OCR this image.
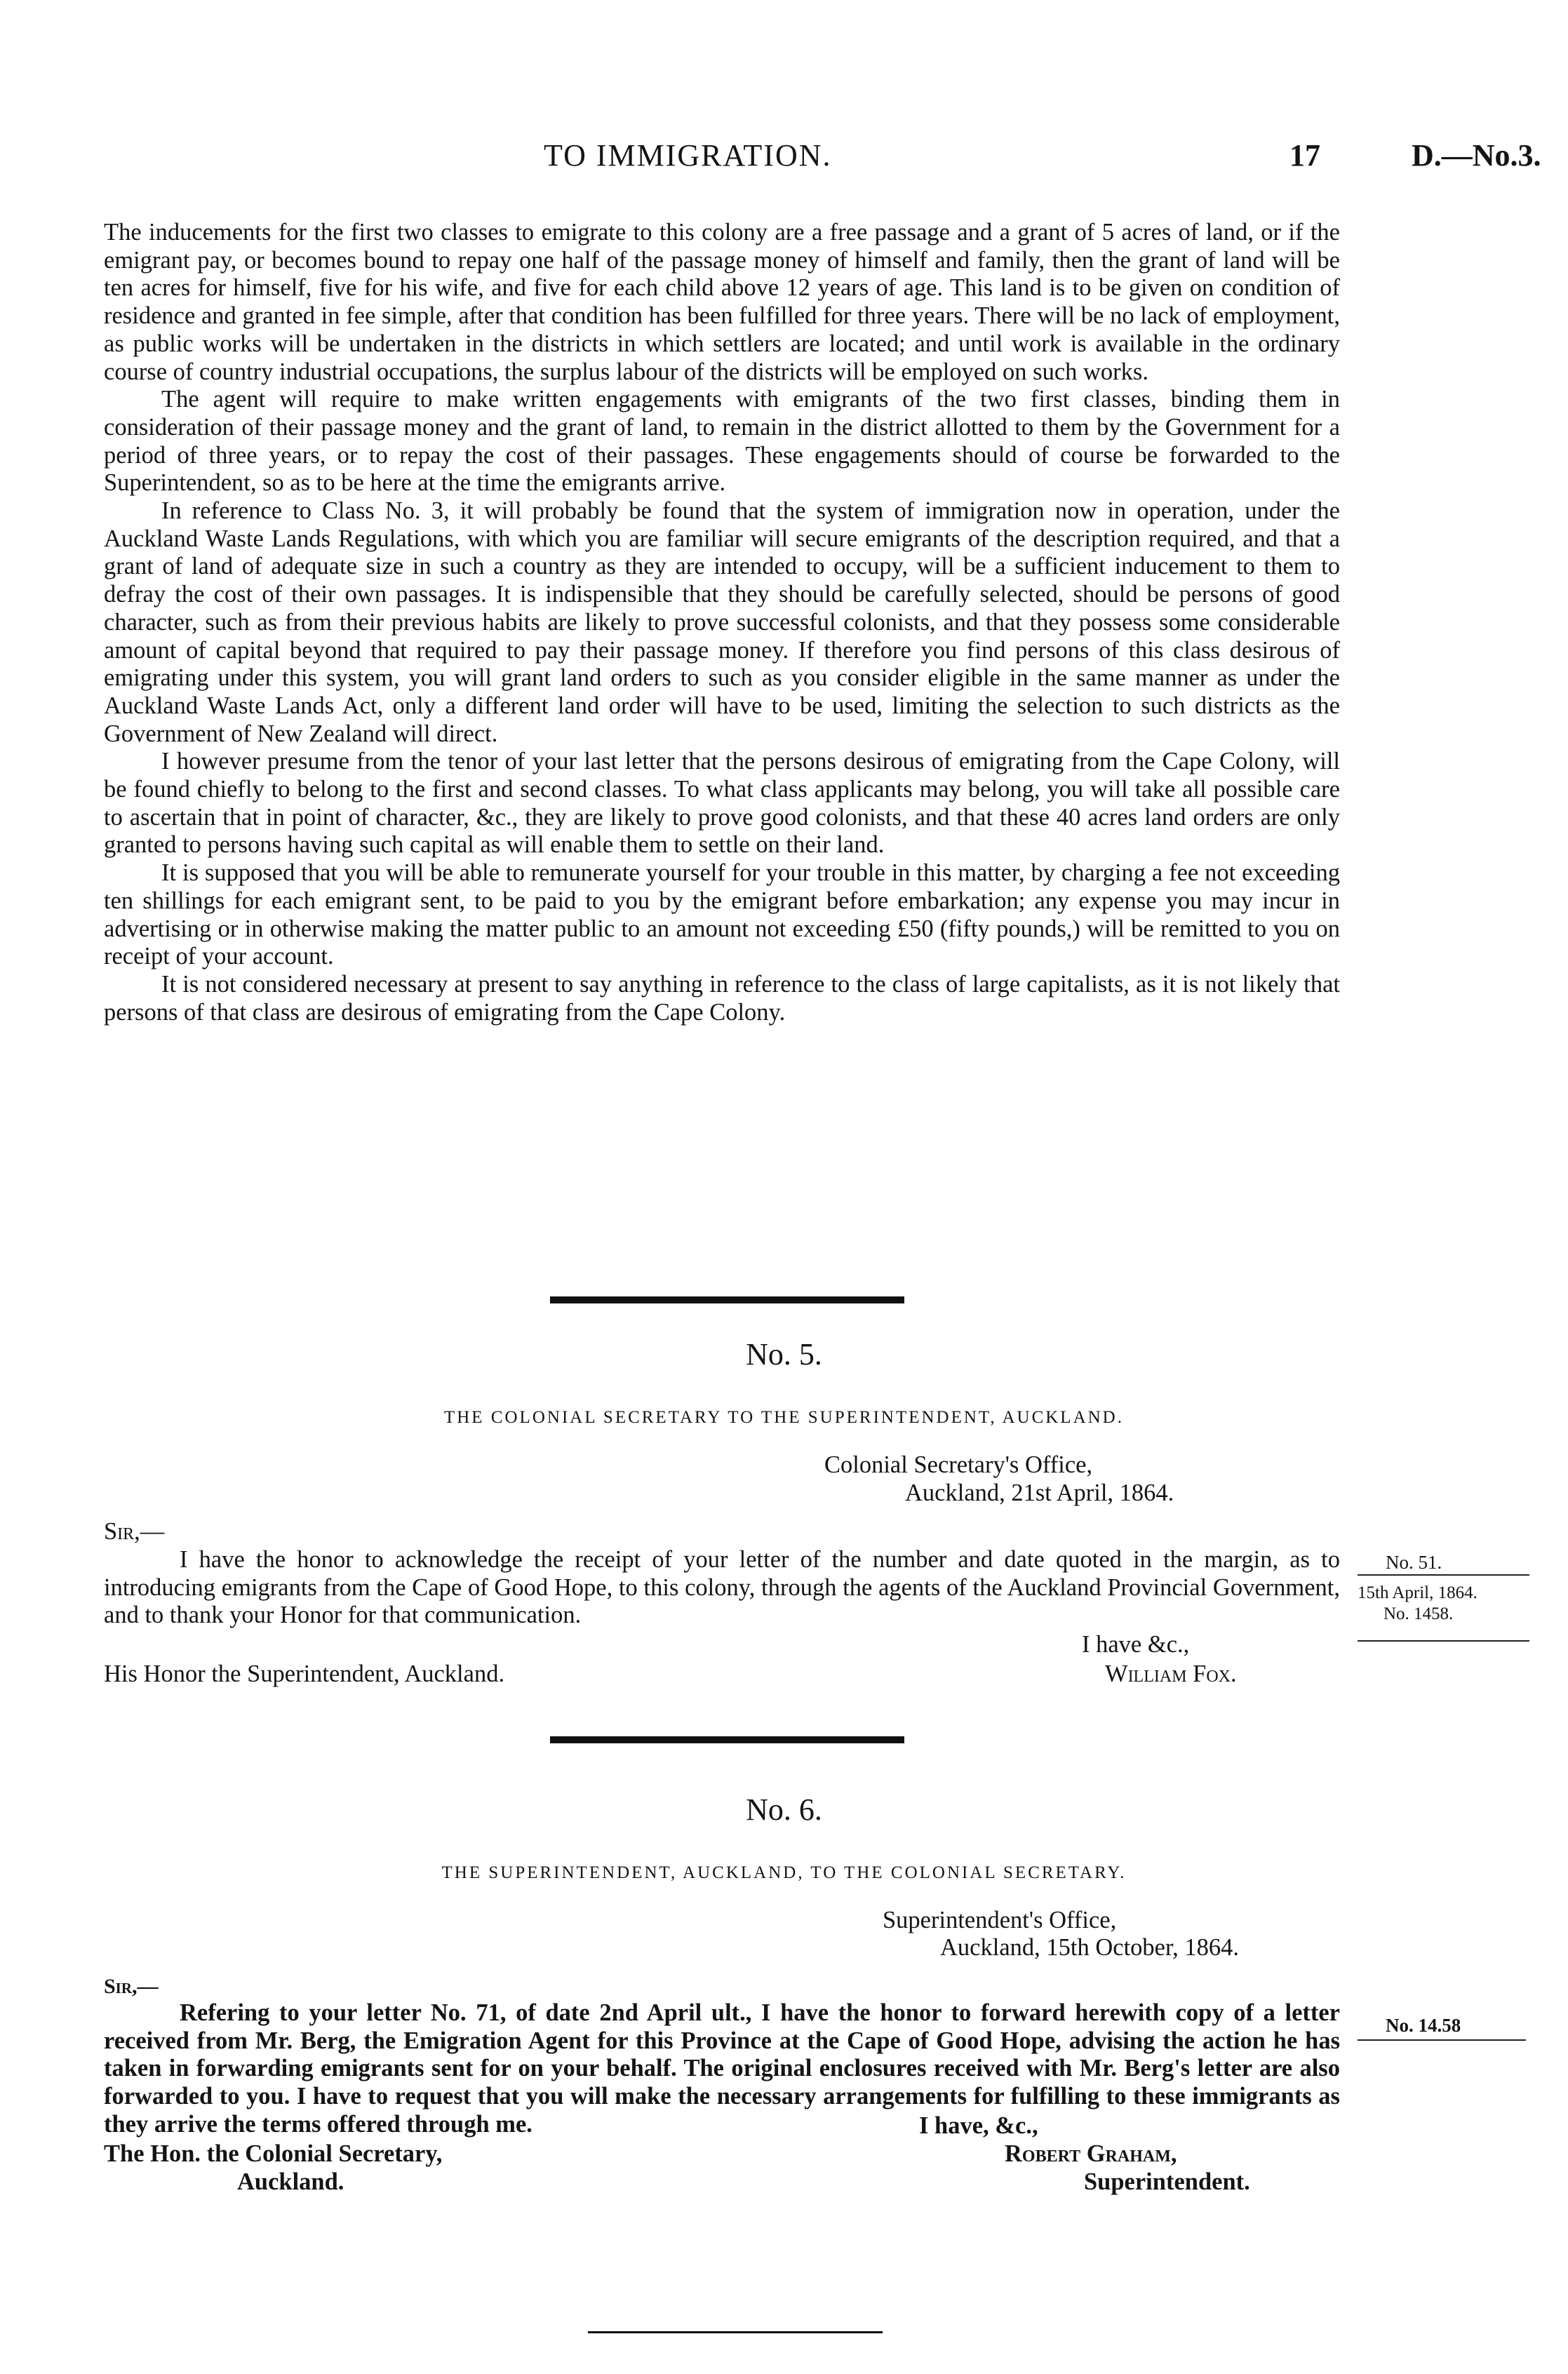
TO IMMIGRATION.	17	D.—No.3.

The inducements for the first two classes to emigrate to this colony are a free passage and a grant of 5 acres of land, or if the emigrant pay, or becomes bound to repay one half of the passage money of himself and family, then the grant of land will be ten acres for himself, five for his wife, and five for each child above 12 years of age. This land is to be given on condition of residence and granted in fee simple, after that condition has been fulfilled for three years. There will be no lack of employment, as public works will be undertaken in the districts in which settlers are located; and until work is available in the ordinary course of country industrial occupations, the surplus labour of the districts will be employed on such works.

The agent will require to make written engagements with emigrants of the two first classes, binding them in consideration of their passage money and the grant of land, to remain in the district allotted to them by the Government for a period of three years, or to repay the cost of their passages. These engagements should of course be forwarded to the Superintendent, so as to be here at the time the emigrants arrive.

In reference to Class No. 3, it will probably be found that the system of immigration now in operation, under the Auckland Waste Lands Regulations, with which you are familiar will secure emigrants of the description required, and that a grant of land of adequate size in such a country as they are intended to occupy, will be a sufficient inducement to them to defray the cost of their own passages. It is indispensible that they should be carefully selected, should be persons of good character, such as from their previous habits are likely to prove successful colonists, and that they possess some considerable amount of capital beyond that required to pay their passage money. If therefore you find persons of this class desirous of emigrating under this system, you will grant land orders to such as you consider eligible in the same manner as under the Auckland Waste Lands Act, only a different land order will have to be used, limiting the selection to such districts as the Government of New Zealand will direct.

I however presume from the tenor of your last letter that the persons desirous of emigrating from the Cape Colony, will be found chiefly to belong to the first and second classes. To what class applicants may belong, you will take all possible care to ascertain that in point of character, &c., they are likely to prove good colonists, and that these 40 acres land orders are only granted to persons having such capital as will enable them to settle on their land.

It is supposed that you will be able to remunerate yourself for your trouble in this matter, by charging a fee not exceeding ten shillings for each emigrant sent, to be paid to you by the emigrant before embarkation; any expense you may incur in advertising or in otherwise making the matter public to an amount not exceeding £50 (fifty pounds,) will be remitted to you on receipt of your account.

It is not considered necessary at present to say anything in reference to the class of large capitalists, as it is not likely that persons of that class are desirous of emigrating from the Cape Colony.

No. 5.
THE COLONIAL SECRETARY TO THE SUPERINTENDENT, AUCKLAND.
Colonial Secretary's Office,
Auckland, 21st April, 1864.
Sir,—

I have the honor to acknowledge the receipt of your letter of the number and date quoted in the margin, as to introducing emigrants from the Cape of Good Hope, to this colony, through the agents of the Auckland Provincial Government, and to thank your Honor for that communication.

I have &c.,
His Honor the Superintendent, Auckland.	William Fox.
No. 51.
15th April, 1864.
No. 1458.
No. 6.
THE SUPERINTENDENT, AUCKLAND, TO THE COLONIAL SECRETARY.
Superintendent's Office,
Auckland, 15th October, 1864.
Sir,—

Refering to your letter No. 71, of date 2nd April ult., I have the honor to forward herewith copy of a letter received from Mr. Berg, the Emigration Agent for this Province at the Cape of Good Hope, advising the action he has taken in forwarding emigrants sent for on your behalf. The original enclosures received with Mr. Berg's letter are also forwarded to you. I have to request that you will make the necessary arrangements for fulfilling to these immigrants as they arrive the terms offered through me.	I have, &c.,
Robert Graham,
Superintendent.
The Hon. the Colonial Secretary,
Auckland.
No. 14.58
